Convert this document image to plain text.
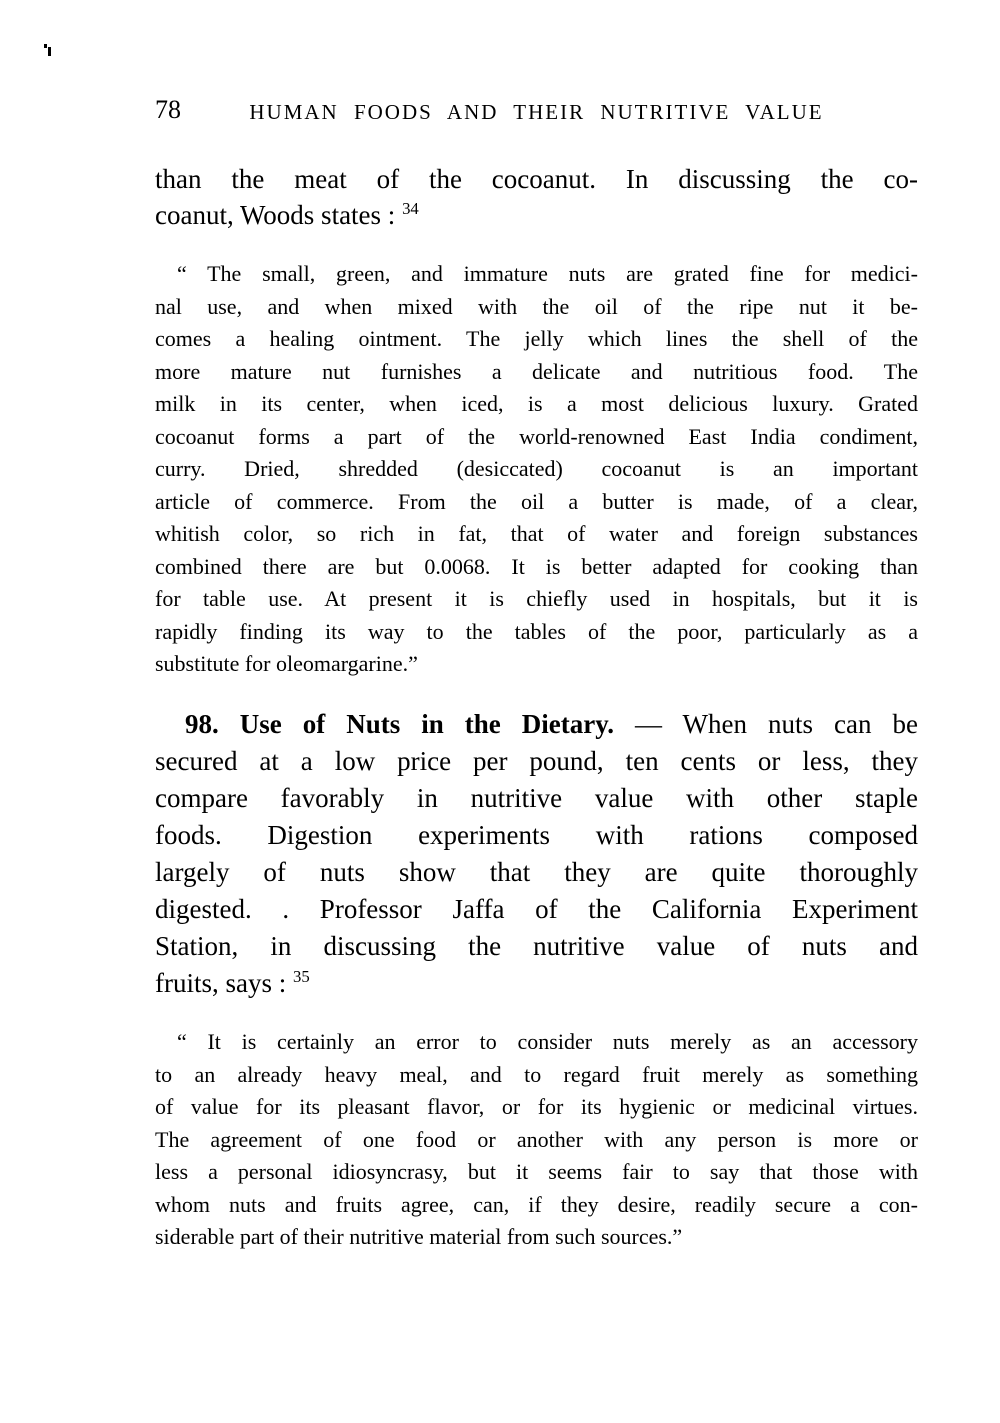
78	HUMAN FOODS AND THEIR NUTRITIVE VALUE
than the meat of the cocoanut. In discussing the co-
coanut, Woods states : $^{34}$
“ The small, green, and immature nuts are grated fine for medici-
nal use, and when mixed with the oil of the ripe nut it be-
comes a healing ointment. The jelly which lines the shell of the
more mature nut furnishes a delicate and nutritious food. The
milk in its center, when iced, is a most delicious luxury. Grated
cocoanut forms a part of the world-renowned East India condiment,
curry. Dried, shredded (desiccated) cocoanut is an important
article of commerce. From the oil a butter is made, of a clear,
whitish color, so rich in fat, that of water and foreign substances
combined there are but 0.0068. It is better adapted for cooking than
for table use. At present it is chiefly used in hospitals, but it is
rapidly finding its way to the tables of the poor, particularly as a
substitute for oleomargarine.”
98. Use of Nuts in the Dietary. — When nuts can be
secured at a low price per pound, ten cents or less, they
compare favorably in nutritive value with other staple
foods. Digestion experiments with rations composed
largely of nuts show that they are quite thoroughly
digested. . Professor Jaffa of the California Experiment
Station, in discussing the nutritive value of nuts and
fruits, says : $^{35}$
“ It is certainly an error to consider nuts merely as an accessory
to an already heavy meal, and to regard fruit merely as something
of value for its pleasant flavor, or for its hygienic or medicinal virtues.
The agreement of one food or another with any person is more or
less a personal idiosyncrasy, but it seems fair to say that those with
whom nuts and fruits agree, can, if they desire, readily secure a con-
siderable part of their nutritive material from such sources.”
